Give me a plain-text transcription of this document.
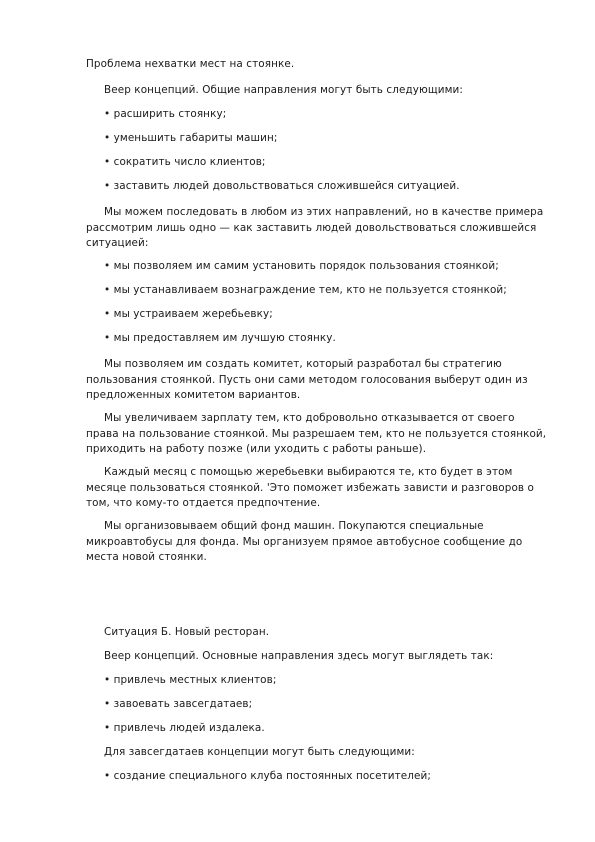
Проблема нехватки мест на стоянке.

Веер концепций. Общие направления могут быть следующими:

• расширить стоянку;

• уменьшить габариты машин;

• сократить число клиентов;

• заставить людей довольствоваться сложившейся ситуацией.

Мы можем последовать в любом из этих направлений, но в качестве примера рассмотрим лишь одно — как заставить людей довольствоваться сложившейся ситуацией:

• мы позволяем им самим установить порядок пользования стоянкой;

• мы устанавливаем вознаграждение тем, кто не пользуется стоянкой;

• мы устраиваем жеребьевку;

• мы предоставляем им лучшую стоянку.

Мы позволяем им создать комитет, который разработал бы стратегию пользования стоянкой. Пусть они сами методом голосования выберут один из предложенных комитетом вариантов.

Мы увеличиваем зарплату тем, кто добровольно отказывается от своего права на пользование стоянкой. Мы разрешаем тем, кто не пользуется стоянкой, приходить на работу позже (или уходить с работы раньше).

Каждый месяц с помощью жеребьевки выбираются те, кто будет в этом месяце пользоваться стоянкой. 'Это поможет избежать зависти и разговоров о том, что кому-то отдается предпочтение.

Мы организовываем общий фонд машин. Покупаются специальные микроавтобусы для фонда. Мы организуем прямое автобусное сообщение до места новой стоянки.

Ситуация Б. Новый ресторан.

Веер концепций. Основные направления здесь могут выглядеть так:

• привлечь местных клиентов;

• завоевать завсегдатаев;

• привлечь людей издалека.

Для завсегдатаев концепции могут быть следующими:

• создание специального клуба постоянных посетителей;
